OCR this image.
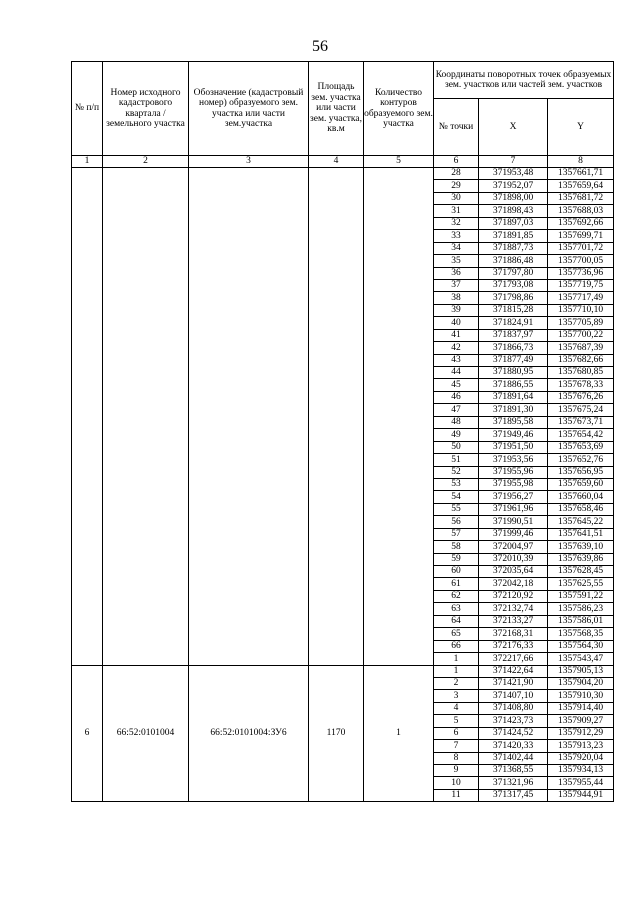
56
№ п/п	Номер исходного кадастрового квартала / земельного участка	Обозначение (кадастровый номер) образуемого зем. участка или части зем.участка	Площадь зем. участка или части зем. участка, кв.м	Количество контуров образуемого зем. участка	Координаты поворотных точек образуемых зем. участков или частей зем. участков		
					№ точки	X	Y
1	2	3	4	5	6	7	8
					28	371953,48	1357661,71
					29	371952,07	1357659,64
					30	371898,00	1357681,72
					31	371898,43	1357688,03
					32	371897,03	1357692,66
					33	371891,85	1357699,71
					34	371887,73	1357701,72
					35	371886,48	1357700,05
					36	371797,80	1357736,96
					37	371793,08	1357719,75
					38	371798,86	1357717,49
					39	371815,28	1357710,10
					40	371824,91	1357705,89
					41	371837,97	1357700,22
					42	371866,73	1357687,39
					43	371877,49	1357682,66
					44	371880,95	1357680,85
					45	371886,55	1357678,33
					46	371891,64	1357676,26
					47	371891,30	1357675,24
					48	371895,58	1357673,71
					49	371949,46	1357654,42
					50	371951,50	1357653,69
					51	371953,56	1357652,76
					52	371955,96	1357656,95
					53	371955,98	1357659,60
					54	371956,27	1357660,04
					55	371961,96	1357658,46
					56	371990,51	1357645,22
					57	371999,46	1357641,51
					58	372004,97	1357639,10
					59	372010,39	1357639,86
					60	372035,64	1357628,45
					61	372042,18	1357625,55
					62	372120,92	1357591,22
					63	372132,74	1357586,23
					64	372133,27	1357586,01
					65	372168,31	1357568,35
					66	372176,33	1357564,30
					1	372217,66	1357543,47
6	66:52:0101004	66:52:0101004:ЗУ6	1170	1	1	371422,64	1357905,13
					2	371421,90	1357904,20
					3	371407,10	1357910,30
					4	371408,80	1357914,40
					5	371423,73	1357909,27
					6	371424,52	1357912,29
					7	371420,33	1357913,23
					8	371402,44	1357920,04
					9	371368,55	1357934,13
					10	371321,96	1357955,44
					11	371317,45	1357944,91
